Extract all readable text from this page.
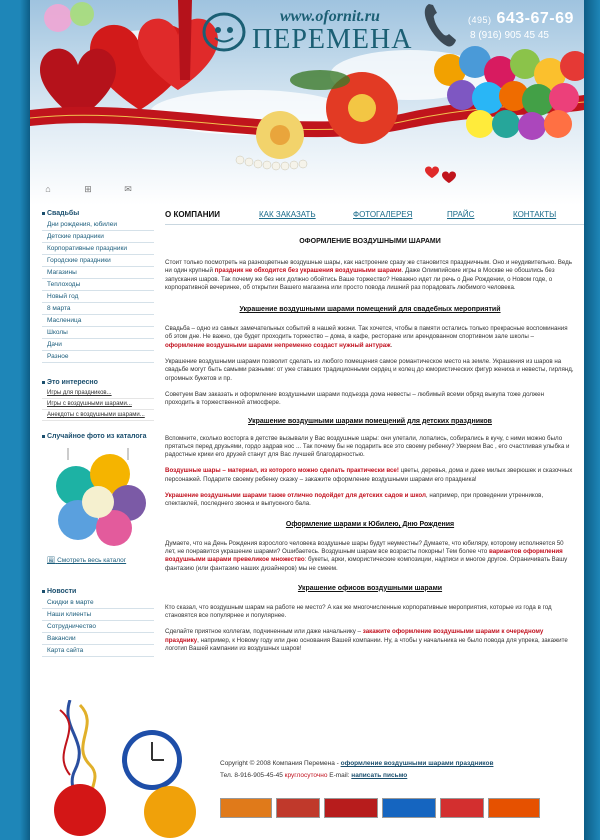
www.ofornit.ru
ПЕРЕМЕНА
(495) 643-67-69
8 (916) 905 45 45
⌂	⊞	✉
О КОМПАНИИ	КАК ЗАКАЗАТЬ	ФОТОГАЛЕРЕЯ	ПРАЙС	КОНТАКТЫ
Свадьбы
Дни рождения, юбилеи
Детские праздники
Корпоративные праздники
Городские праздники
Магазины
Теплоходы
Новый год
8 марта
Масленица
Школы
Дачи
Разное
Это интересно
Игры для праздников...
Игры с воздушными шарами...
Анекдоты с воздушными шарами...
Случайное фото из каталога
🖼 Смотреть весь каталог
Новости
Скидки в марте
Наши клиенты
Сотрудничество
Вакансии
Карта сайта
ОФОРМЛЕНИЕ ВОЗДУШНЫМИ ШАРАМИ

Стоит только посмотреть на разноцветные воздушные шары, как настроение сразу же становится праздничным. Оно и неудивительно. Ведь ни один крупный праздник не обходится без украшения воздушными шарами. Даже Олимпийские игры в Москве не обошлись без запускания шаров. Так почему же без них должно обойтись Ваше торжество? Неважно идет ли речь о Дне Рождении, о Новом годе, о корпоративной вечеринке, об открытии Вашего магазина или просто повода лишний раз порадовать любимого человека.

Украшение воздушными шарами помещений для свадебных мероприятий

Свадьба – одно из самых замечательных событий в нашей жизни. Так хочется, чтобы в памяти остались только прекрасные воспоминания об этом дне. Не важно, где будет проходить торжество – дома, в кафе, ресторане или арендованном спортивном зале школы – оформление воздушными шарами непременно создаст нужный антураж.

Украшение воздушными шарами позволит сделать из любого помещения самое романтическое место на земле. Украшения из шаров на свадьбе могут быть самыми разными: от уже ставших традиционными сердец и колец до юмористических фигур жениха и невесты, гирлянд, огромных букетов и пр.

Советуем Вам заказать и оформление воздушными шарами подъезда дома невесты – любимый всеми обряд выкупа тоже должен проходить в торжественной атмосфере.

Украшение воздушными шарами помещений для детских праздников

Вспомните, сколько восторга в детстве вызывали у Вас воздушные шары: они улетали, лопались, собирались в кучу, с ними можно было прятаться перед друзьями, гордо задрав нос ... Так почему бы не подарить все это своему ребенку? Уверяем Вас , его счастливая улыбка и радостные крики его друзей станут для Вас лучшей благодарностью.

Воздушные шары – материал, из которого можно сделать практически все! цветы, деревья, дома и даже милых зверюшек и сказочных персонажей. Подарите своему ребенку сказку – закажите оформление воздушными шарами его праздника!

Украшение воздушными шарами также отлично подойдет для детских садов и школ, например, при проведении утренников, спектаклей, последнего звонка и выпускного бала.

Оформление шарами к Юбилею, Дню Рождения

Думаете, что на День Рождения взрослого человека воздушные шары будут неуместны? Думаете, что юбиляру, которому исполняется 50 лет, не понравится украшение шарами? Ошибаетесь. Воздушным шарам все возрасты покорны! Тем более что вариантов оформления воздушными шарами превеликое множество: букеты, арки, юмористические композиции, надписи и многое другое. Ограничивать Вашу фантазию (или фантазию наших дизайнеров) мы не смеем.

Украшение офисов воздушными шарами

Кто сказал, что воздушным шарам на работе не место? А как же многочисленные корпоративные мероприятия, которые из года в год становятся все популярнее и популярнее.

Сделайте приятное коллегам, подчиненным или даже начальнику – закажите оформление воздушными шарами к очередному празднику, например, к Новому году или дню основания Вашей компании. Ну, а чтобы у начальника не было повода для упрека, закажите логотип Вашей кампании из воздушных шаров!

Copyright © 2008 Компания Перемена - оформление воздушными шарами праздников
Тел. 8-916-905-45-45 круглосуточно E-mail: написать письмо
